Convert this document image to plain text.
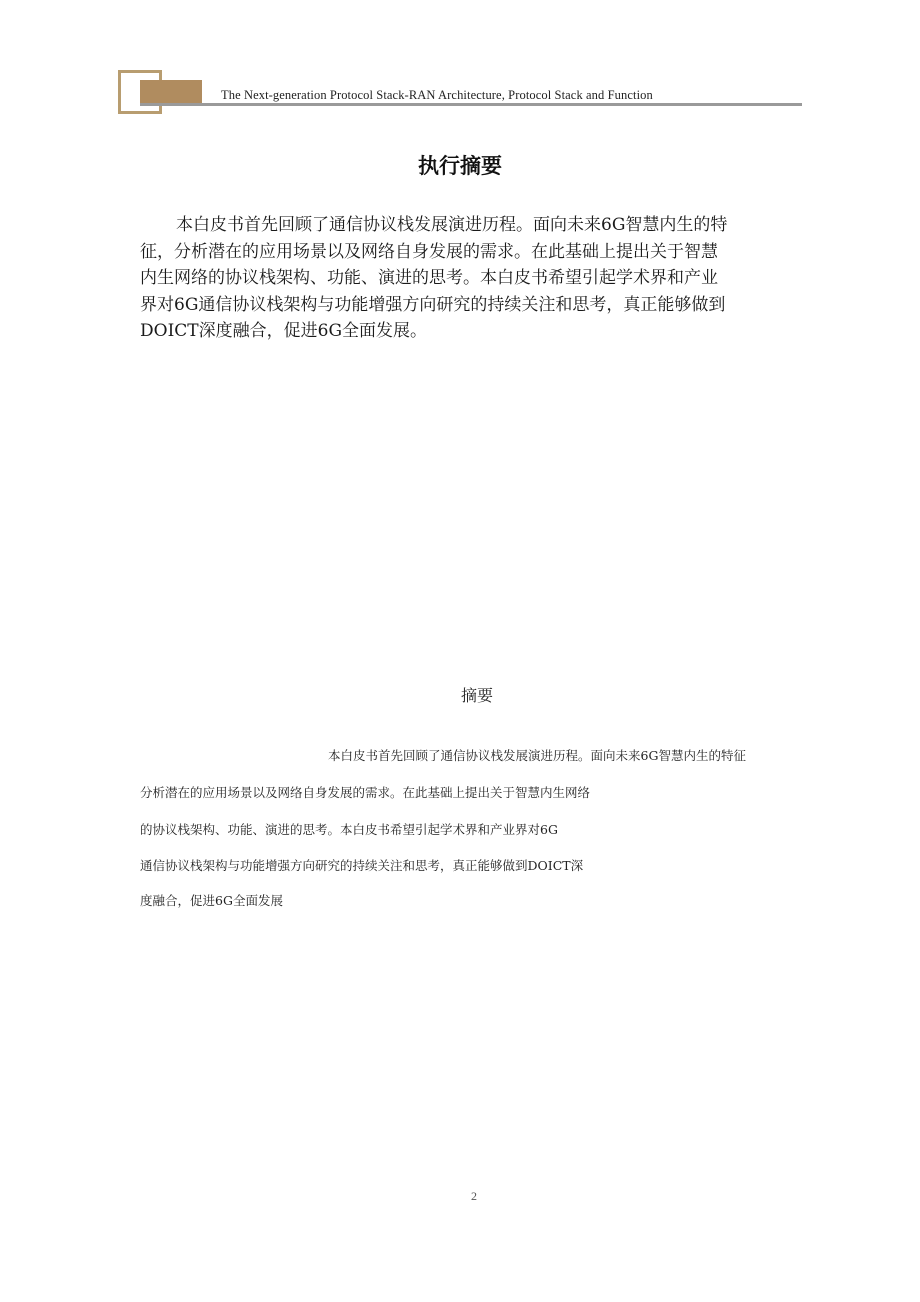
The Next-generation Protocol Stack-RAN Architecture, Protocol Stack and Function
执行摘要
本白皮书首先回顾了通信协议栈发展演进历程。面向未来6G智慧内生的特
征，分析潜在的应用场景以及网络自身发展的需求。在此基础上提出关于智慧
内生网络的协议栈架构、功能、演进的思考。本白皮书希望引起学术界和产业
界对6G通信协议栈架构与功能增强方向研究的持续关注和思考，真正能够做到
DOICT深度融合，促进6G全面发展。
摘要
本白皮书首先回顾了通信协议栈发展演进历程。面向未来6G智慧内生的特征
分析潜在的应用场景以及网络自身发展的需求。在此基础上提出关于智慧内生网络
的协议栈架构、功能、演进的思考。本白皮书希望引起学术界和产业界对6G
通信协议栈架构与功能增强方向研究的持续关注和思考，真正能够做到DOICT深
度融合，促进6G全面发展
2
